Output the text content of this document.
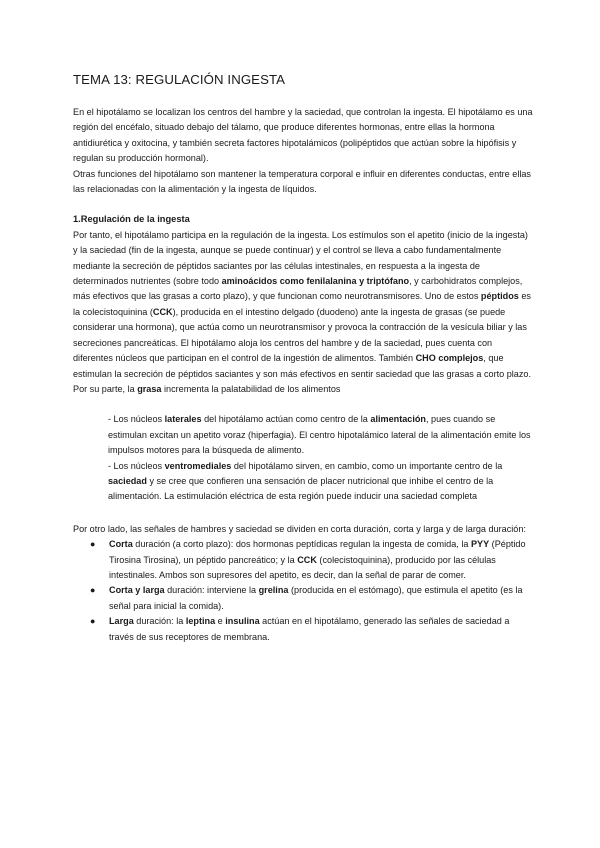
TEMA 13: REGULACIÓN INGESTA

En el hipotálamo se localizan los centros del hambre y la saciedad, que controlan la ingesta. El hipotálamo es una región del encéfalo, situado debajo del tálamo, que produce diferentes hormonas, entre ellas la hormona antidiurética y oxitocina, y también secreta factores hipotalámicos (polipéptidos que actúan sobre la hipófisis y regulan su producción hormonal).

Otras funciones del hipotálamo son mantener la temperatura corporal e influir en diferentes conductas, entre ellas las relacionadas con la alimentación y la ingesta de líquidos.

1.Regulación de la ingesta

Por tanto, el hipotálamo participa en la regulación de la ingesta. Los estímulos son el apetito (inicio de la ingesta) y la saciedad (fin de la ingesta, aunque se puede continuar) y el control se lleva a cabo fundamentalmente mediante la secreción de péptidos saciantes por las células intestinales, en respuesta a la ingesta de determinados nutrientes (sobre todo aminoácidos como fenilalanina y triptófano, y carbohidratos complejos, más efectivos que las grasas a corto plazo), y que funcionan como neurotransmisores. Uno de estos péptidos es la colecistoquinina (CCK), producida en el intestino delgado (duodeno) ante la ingesta de grasas (se puede considerar una hormona), que actúa como un neurotransmisor y provoca la contracción de la vesícula biliar y las secreciones pancreáticas. El hipotálamo aloja los centros del hambre y de la saciedad, pues cuenta con diferentes núcleos que participan en el control de la ingestión de alimentos. También CHO complejos, que estimulan la secreción de péptidos saciantes y son más efectivos en sentir saciedad que las grasas a corto plazo.

Por su parte, la grasa incrementa la palatabilidad de los alimentos

- Los núcleos laterales del hipotálamo actúan como centro de la alimentación, pues cuando se estimulan excitan un apetito voraz (hiperfagia). El centro hipotalámico lateral de la alimentación emite los impulsos motores para la búsqueda de alimento.

- Los núcleos ventromediales del hipotálamo sirven, en cambio, como un importante centro de la saciedad y se cree que confieren una sensación de placer nutricional que inhibe el centro de la alimentación. La estimulación eléctrica de esta región puede inducir una saciedad completa

Por otro lado, las señales de hambres y saciedad se dividen en corta duración, corta y larga y de larga duración:

● Corta duración (a corto plazo): dos hormonas peptídicas regulan la ingesta de comida, la PYY (Péptido Tirosina Tirosina), un péptido pancreático; y la CCK (colecistoquinina), producido por las células intestinales. Ambos son supresores del apetito, es decir, dan la señal de parar de comer.
● Corta y larga duración: interviene la grelina (producida en el estómago), que estimula el apetito (es la señal para inicial la comida).
● Larga duración: la leptina e insulina actúan en el hipotálamo, generado las señales de saciedad a través de sus receptores de membrana.
